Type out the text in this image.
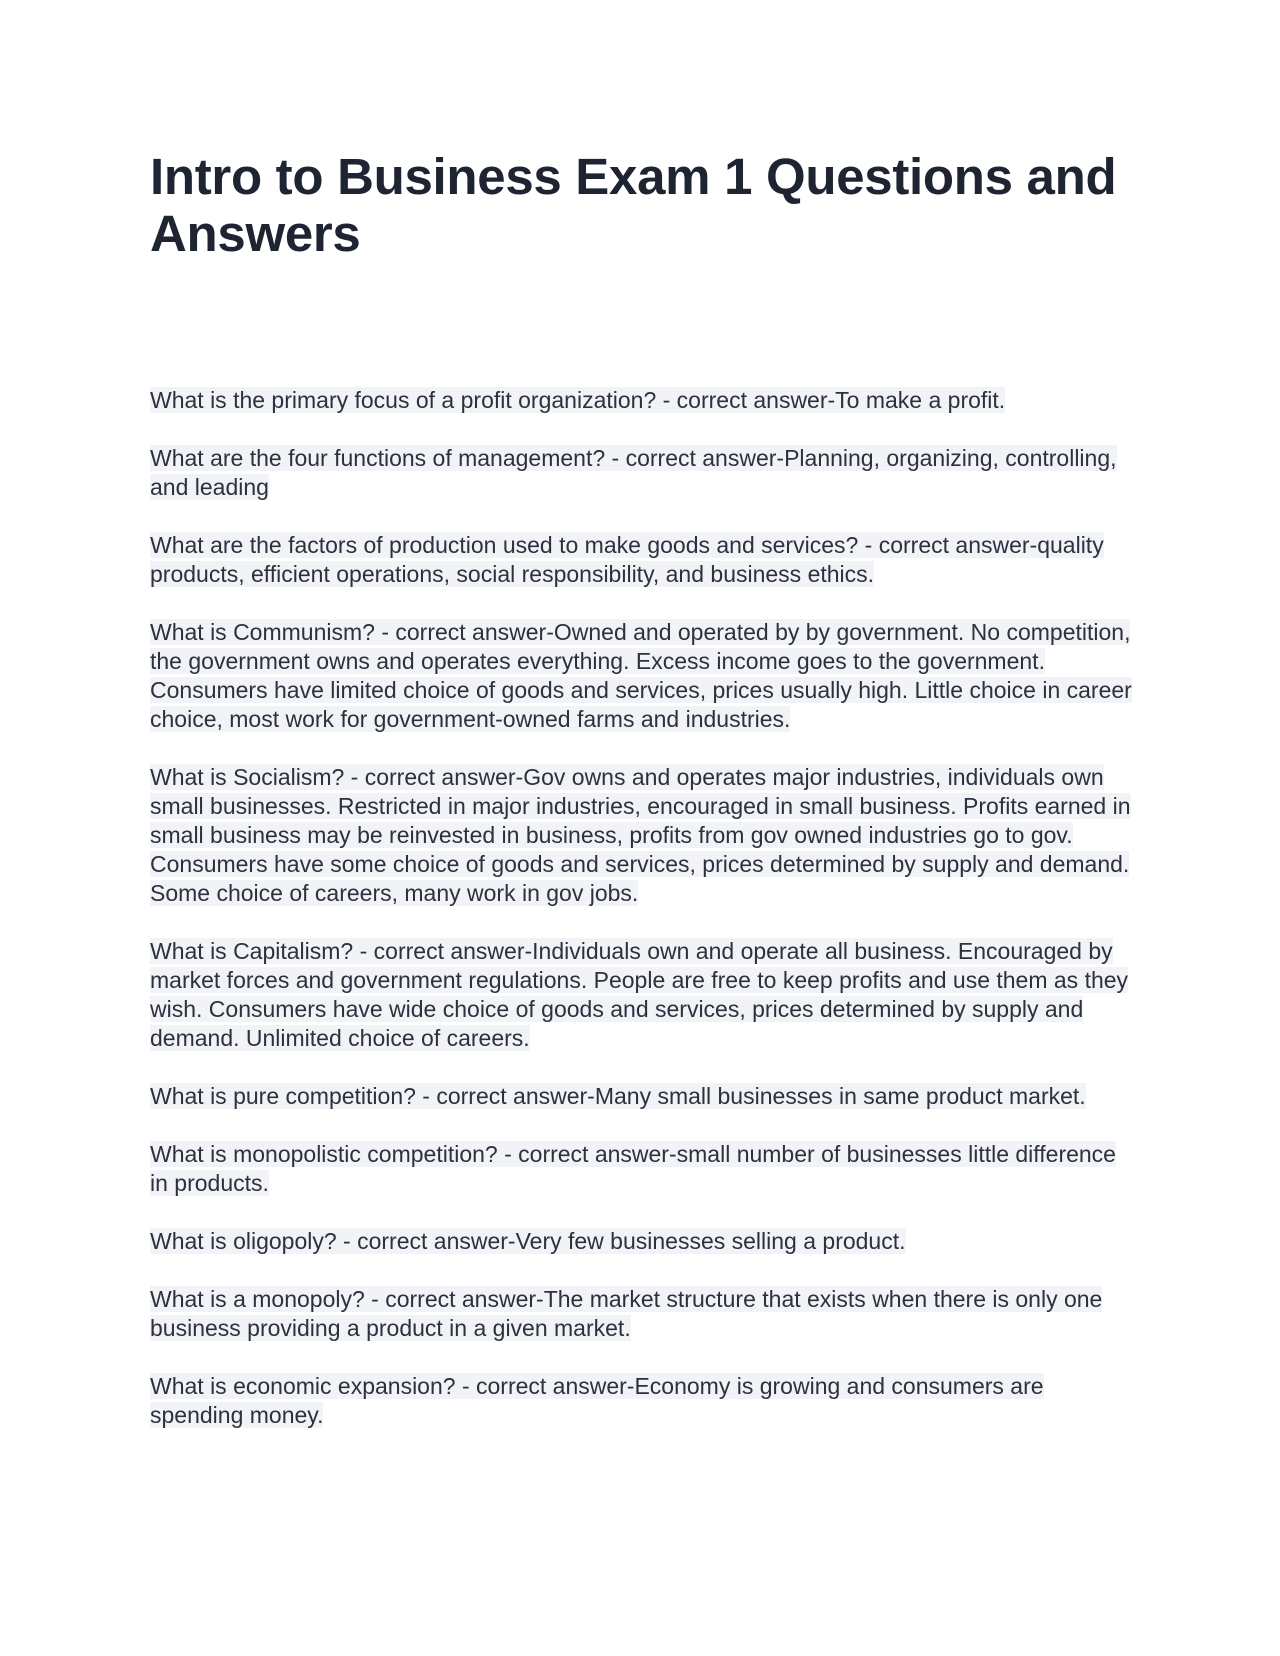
Intro to Business Exam 1 Questions and Answers

What is the primary focus of a profit organization? - correct answer-To make a profit.

What are the four functions of management? - correct answer-Planning, organizing, controlling, and leading

What are the factors of production used to make goods and services? - correct answer-quality products, efficient operations, social responsibility, and business ethics.

What is Communism? - correct answer-Owned and operated by by government. No competition, the government owns and operates everything. Excess income goes to the government. Consumers have limited choice of goods and services, prices usually high. Little choice in career choice, most work for government-owned farms and industries.

What is Socialism? - correct answer-Gov owns and operates major industries, individuals own small businesses. Restricted in major industries, encouraged in small business. Profits earned in small business may be reinvested in business, profits from gov owned industries go to gov. Consumers have some choice of goods and services, prices determined by supply and demand. Some choice of careers, many work in gov jobs.

What is Capitalism? - correct answer-Individuals own and operate all business. Encouraged by market forces and government regulations. People are free to keep profits and use them as they wish. Consumers have wide choice of goods and services, prices determined by supply and demand. Unlimited choice of careers.

What is pure competition? - correct answer-Many small businesses in same product market.

What is monopolistic competition? - correct answer-small number of businesses little difference in products.

What is oligopoly? - correct answer-Very few businesses selling a product.

What is a monopoly? - correct answer-The market structure that exists when there is only one business providing a product in a given market.

What is economic expansion? - correct answer-Economy is growing and consumers are spending money.
